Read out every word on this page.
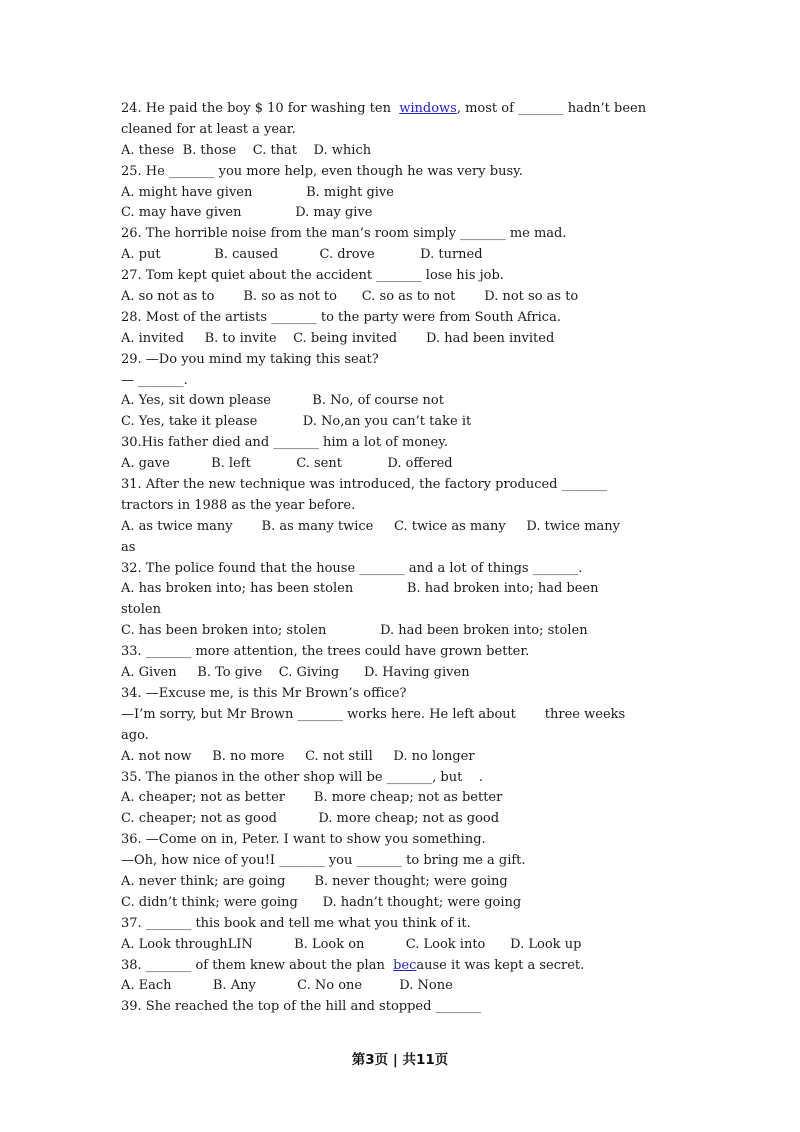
24. He paid the boy $ 10 for washing ten  windows, most of _______ hadn’t been
cleaned for at least a year.
A. these  B. those    C. that    D. which
25. He _______ you more help, even though he was very busy.
A. might have given             B. might give
C. may have given             D. may give
26. The horrible noise from the man’s room simply _______ me mad.
A. put             B. caused          C. drove           D. turned
27. Tom kept quiet about the accident _______ lose his job.
A. so not as to       B. so as not to      C. so as to not       D. not so as to
28. Most of the artists _______ to the party were from South Africa.
A. invited     B. to invite    C. being invited       D. had been invited
29. —Do you mind my taking this seat?
— _______.
A. Yes, sit down please          B. No, of course not
C. Yes, take it please           D. No,an you can’t take it
30.His father died and _______ him a lot of money.
A. gave          B. left           C. sent           D. offered
31. After the new technique was introduced, the factory produced _______
tractors in 1988 as the year before.
A. as twice many       B. as many twice     C. twice as many     D. twice many
as
32. The police found that the house _______ and a lot of things _______.
A. has broken into; has been stolen             B. had broken into; had been
stolen
C. has been broken into; stolen             D. had been broken into; stolen
33. _______ more attention, the trees could have grown better.
A. Given     B. To give    C. Giving      D. Having given
34. —Excuse me, is this Mr Brown’s office?
—I’m sorry, but Mr Brown _______ works here. He left about       three weeks
ago.
A. not now     B. no more     C. not still     D. no longer
35. The pianos in the other shop will be _______, but    .
A. cheaper; not as better       B. more cheap; not as better
C. cheaper; not as good          D. more cheap; not as good
36. —Come on in, Peter. I want to show you something.
—Oh, how nice of you!I _______ you _______ to bring me a gift.
A. never think; are going       B. never thought; were going
C. didn’t think; were going      D. hadn’t thought; were going
37. _______ this book and tell me what you think of it.
A. Look throughLIN          B. Look on          C. Look into      D. Look up
38. _______ of them knew about the plan  because it was kept a secret.
A. Each          B. Any          C. No one         D. None
39. She reached the top of the hill and stopped _______
第3页 | 共11页
